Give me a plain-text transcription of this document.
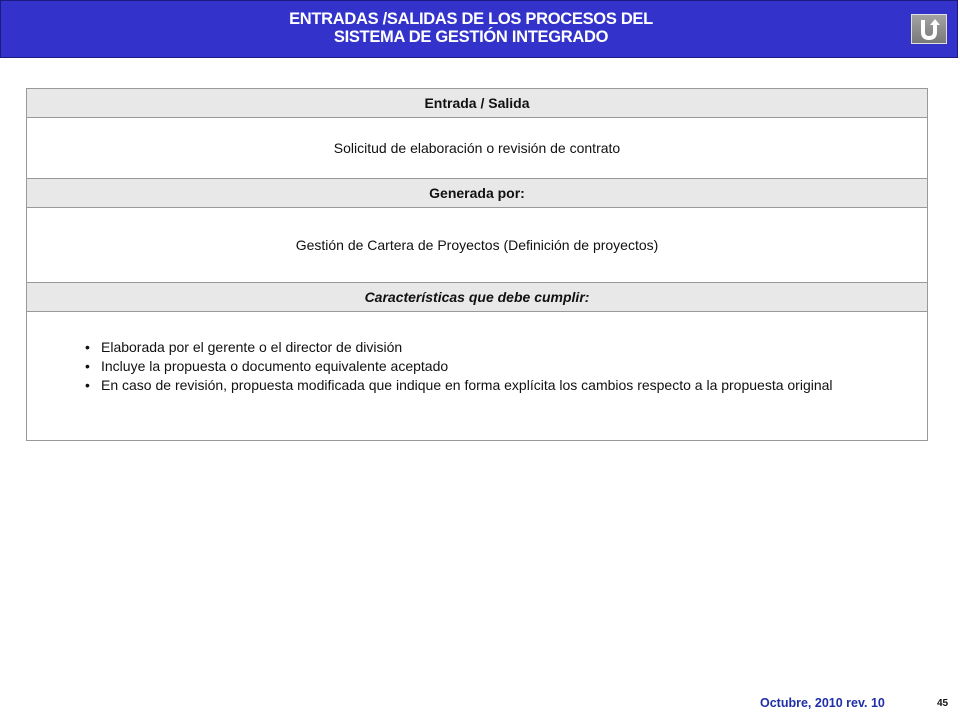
ENTRADAS /SALIDAS DE LOS PROCESOS DEL
SISTEMA DE GESTIÓN INTEGRADO
Entrada / Salida
Solicitud de elaboración o revisión de contrato
Generada por:
Gestión de Cartera de Proyectos (Definición de proyectos)
Características que debe cumplir:

• Elaborada por el gerente o el director de división
• Incluye la propuesta o documento equivalente aceptado
• En caso de revisión, propuesta modificada que indique en forma explícita los cambios respecto a la propuesta original
Octubre, 2010 rev. 10	45
